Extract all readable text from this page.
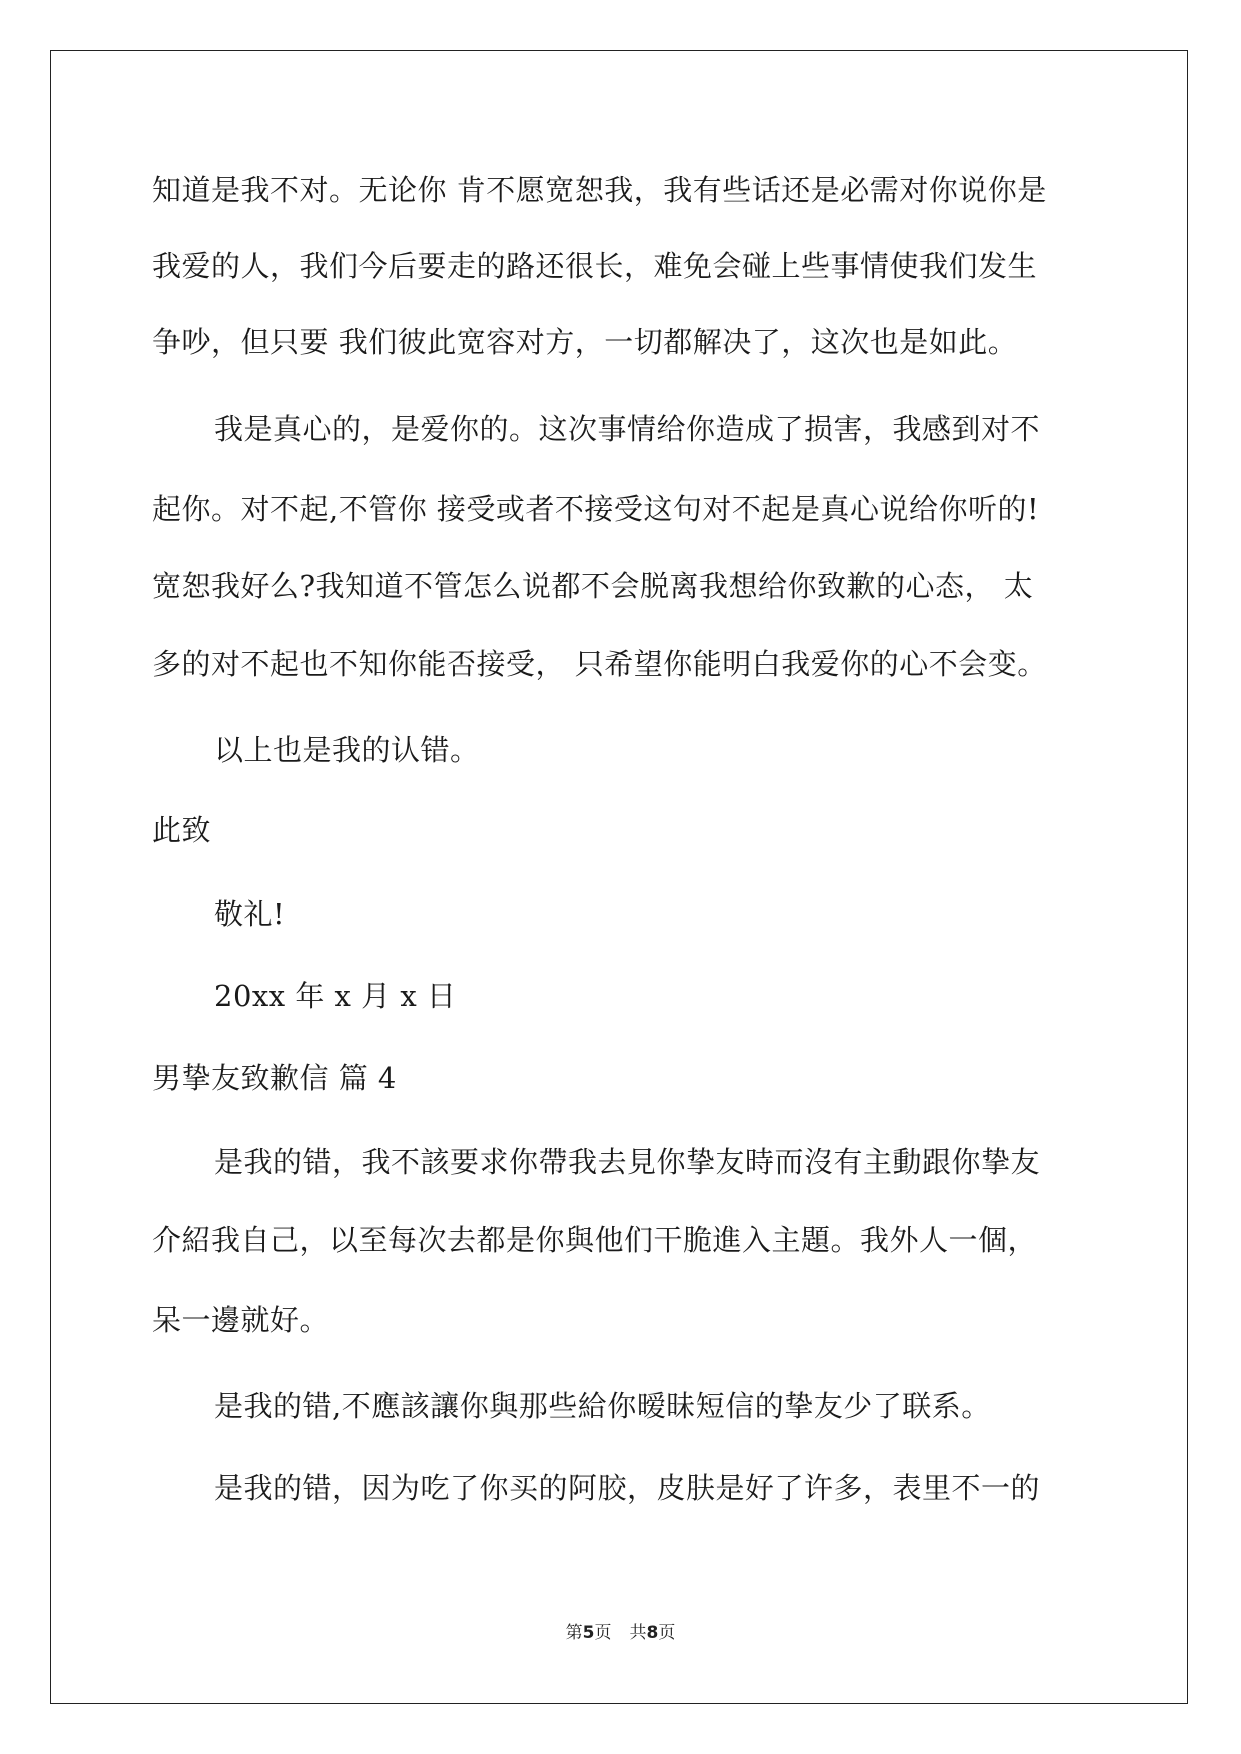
知道是我不对。无论你 肯不愿宽恕我，我有些话还是必需对你说你是
我爱的人，我们今后要走的路还很长，难免会碰上些事情使我们发生
争吵，但只要 我们彼此宽容对方，一切都解决了，这次也是如此。
我是真心的，是爱你的。这次事情给你造成了损害，我感到对不
起你。对不起,不管你 接受或者不接受这句对不起是真心说给你听的!
宽恕我好么?我知道不管怎么说都不会脱离我想给你致歉的心态， 太
多的对不起也不知你能否接受， 只希望你能明白我爱你的心不会变。
以上也是我的认错。
此致
敬礼!
20xx 年 x 月 x 日
男挚友致歉信 篇 4
是我的错，我不該要求你帶我去見你挚友時而沒有主動跟你挚友
介紹我自己，以至每次去都是你與他们干脆進入主題。我外人一個，
呆一邊就好。
是我的错,不應該讓你與那些給你暧昧短信的挚友少了联系。
是我的错，因为吃了你买的阿胶，皮肤是好了许多，表里不一的
第5页 共8页
